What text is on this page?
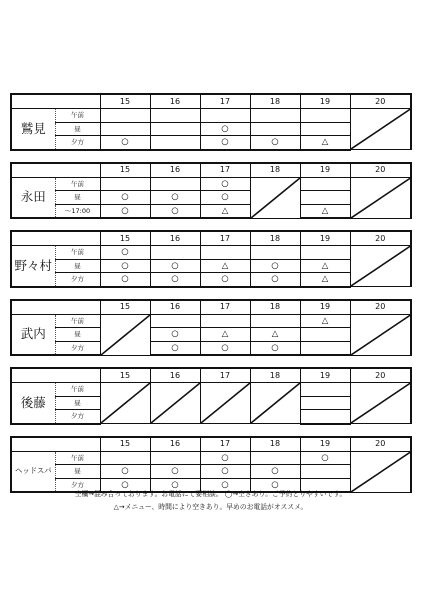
		15	16	17	18	19	20
鷲見	午前						

	昼			○			
	夕方	○		○	○	△	
		15	16	17	18	19	20
永田	午前			○	

	昼	○	○	○			
	〜17:00	○	○	△		△	
		15	16	17	18	19	20
野々村	午前	○					

	昼	○	○	△	○	△	
	夕方	○	○	○	○	△	
		15	16	17	18	19	20
武内	午前					△	

	昼		○	△	△		
	夕方		○	○	○		
		15	16	17	18	19	20
後藤	午前	

	昼						
	夕方						
		15	16	17	18	19	20
ヘッドスパ	午前			○		○	

	昼	○	○	○	○		
	夕方	○	○	○	○		
空欄→混み合っております。お電話にて要相談。 ◯→空きあり。ご予約とりやすいです。
△→メニュー、時間により空きあり。早めのお電話がオススメ。
